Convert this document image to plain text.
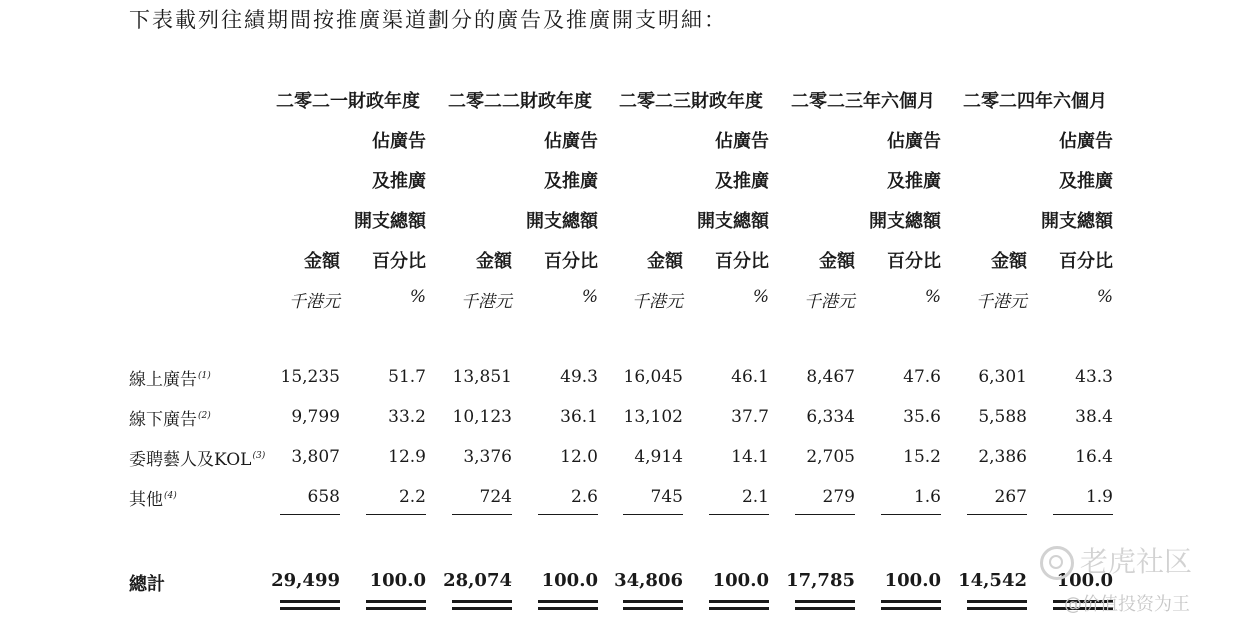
下表載列往績期間按推廣渠道劃分的廣告及推廣開支明細：
二零二一財政年度	二零二二財政年度	二零二三財政年度	二零二三年六個月	二零二四年六個月
佔廣告
及推廣
開支總額
佔廣告
及推廣
開支總額
佔廣告
及推廣
開支總額
佔廣告
及推廣
開支總額
佔廣告
及推廣
開支總額
金額	百分比	金額	百分比	金額	百分比	金額	百分比	金額	百分比
千港元	%	千港元	%	千港元	%	千港元	%	千港元	%
線上廣告$^{(1)}$	15,235	51.7	13,851	49.3	16,045	46.1	8,467	47.6	6,301	43.3
線下廣告$^{(2)}$	9,799	33.2	10,123	36.1	13,102	37.7	6,334	35.6	5,588	38.4
委聘藝人及KOL$^{(3)}$	3,807	12.9	3,376	12.0	4,914	14.1	2,705	15.2	2,386	16.4
其他$^{(4)}$	658	2.2	724	2.6	745	2.1	279	1.6	267	1.9
總計	29,499	100.0 28,074	100.0 34,806	100.0 17,785	100.0 14,542	100.0
老虎社区
@价值投资为王
